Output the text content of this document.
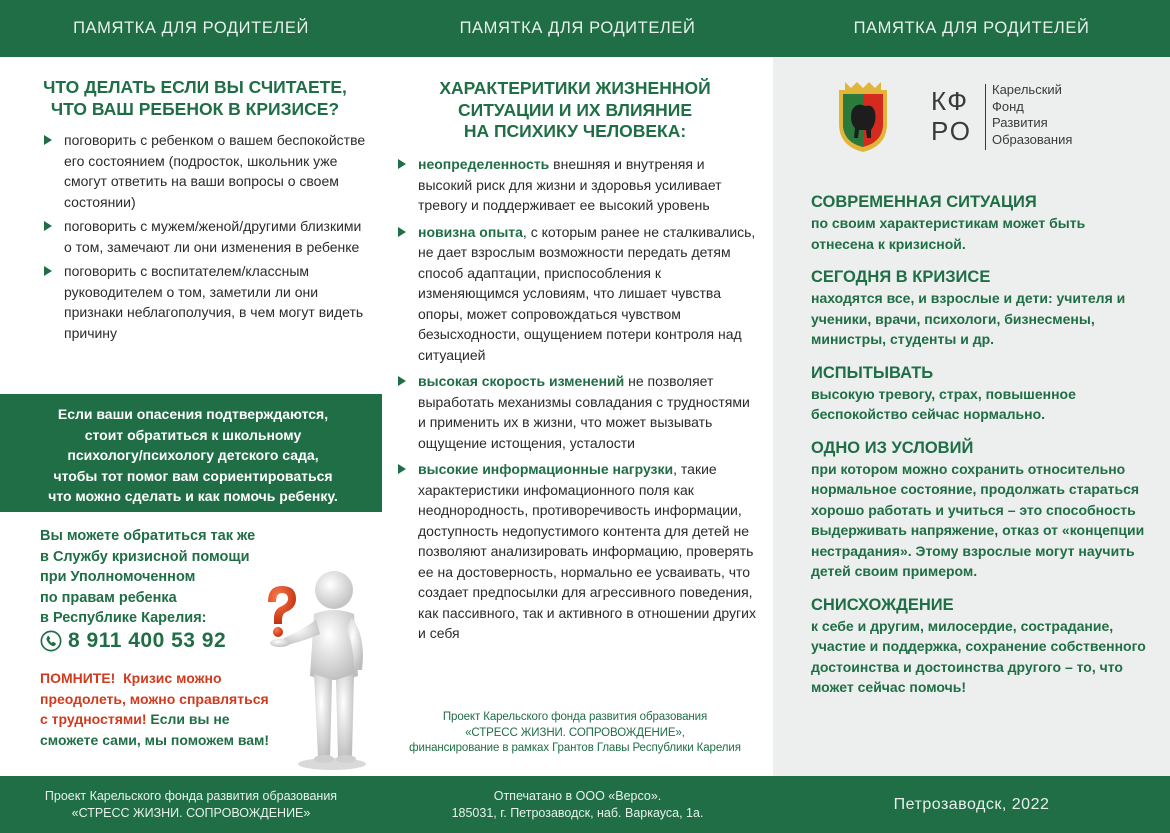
ПАМЯТКА ДЛЯ РОДИТЕЛЕЙ	ПАМЯТКА ДЛЯ РОДИТЕЛЕЙ	ПАМЯТКА ДЛЯ РОДИТЕЛЕЙ
ЧТО ДЕЛАТЬ ЕСЛИ ВЫ СЧИТАЕТЕ,
ЧТО ВАШ РЕБЕНОК В КРИЗИСЕ?
поговорить с ребенком о вашем беспокойстве его состоянием (подросток, школьник уже смогут ответить на ваши вопросы о своем состоянии)
поговорить с мужем/женой/другими близкими о том, замечают ли они изменения в ребенке
поговорить с воспитателем/классным руководителем о том, заметили ли они признаки неблагополучия, в чем могут видеть причину
Если ваши опасения подтверждаются,
стоит обратиться к школьному
психологу/психологу детского сада,
чтобы тот помог вам сориентироваться
что можно сделать и как помочь ребенку.
Вы можете обратиться так же
в Службу кризисной помощи
при Уполномоченном
по правам ребенка
в Республике Карелия:
8 911 400 53 92
ПОМНИТЕ! Кризис можно преодолеть, можно справляться с трудностями! Если вы не сможете сами, мы поможем вам!
ХАРАКТЕРИТИКИ ЖИЗНЕННОЙ
СИТУАЦИИ И ИХ ВЛИЯНИЕ
НА ПСИХИКУ ЧЕЛОВЕКА:
неопределенность внешняя и внутреняя и высокий риск для жизни и здоровья усиливает тревогу и поддерживает ее высокий уровень
новизна опыта, с которым ранее не сталкивались, не дает взрослым возможности передать детям способ адаптации, приспособления к изменяющимся условиям, что лишает чувства опоры, может сопровождаться чувством безысходности, ощущением потери контроля над ситуацией
высокая скорость изменений не позволяет выработать механизмы совладания с трудностями и применить их в жизни, что может вызывать ощущение истощения, усталости
высокие информационные нагрузки, такие характеристики инфомационного поля как неоднородность, противоречивость информации, доступность недопустимого контента для детей не позволяют анализировать информацию, проверять ее на достоверность, нормально ее усваивать, что создает предпосылки для агрессивного поведения, как пассивного, так и активного в отношении других и себя
Проект Карельского фонда развития образования
«СТРЕСС ЖИЗНИ. СОПРОВОЖДЕНИЕ»,
финансирование в рамках Грантов Главы Республики Карелия
КФ
РО
Карельский
Фонд
Развития
Образования
СОВРЕМЕННАЯ СИТУАЦИЯ

по своим характеристикам может быть отнесена к кризисной.

СЕГОДНЯ В КРИЗИСЕ

находятся все, и взрослые и дети: учителя и ученики, врачи, психологи, бизнесмены, министры, студенты и др.

ИСПЫТЫВАТЬ

высокую тревогу, страх, повышенное беспокойство сейчас нормально.

ОДНО ИЗ УСЛОВИЙ

при котором можно сохранить относительно нормальное состояние, продолжать стараться хорошо работать и учиться – это способность выдерживать напряжение, отказ от «концепции нестрадания». Этому взрослые могут научить детей своим примером.

СНИСХОЖДЕНИЕ

к себе и другим, милосердие, сострадание, участие и поддержка, сохранение собственного достоинства и достоинства другого – то, что может сейчас помочь!

Проект Карельского фонда развития образования
«СТРЕСС ЖИЗНИ. СОПРОВОЖДЕНИЕ»
Отпечатано в ООО «Версо».
185031, г. Петрозаводск, наб. Варкауса, 1а.	Петрозаводск, 2022
